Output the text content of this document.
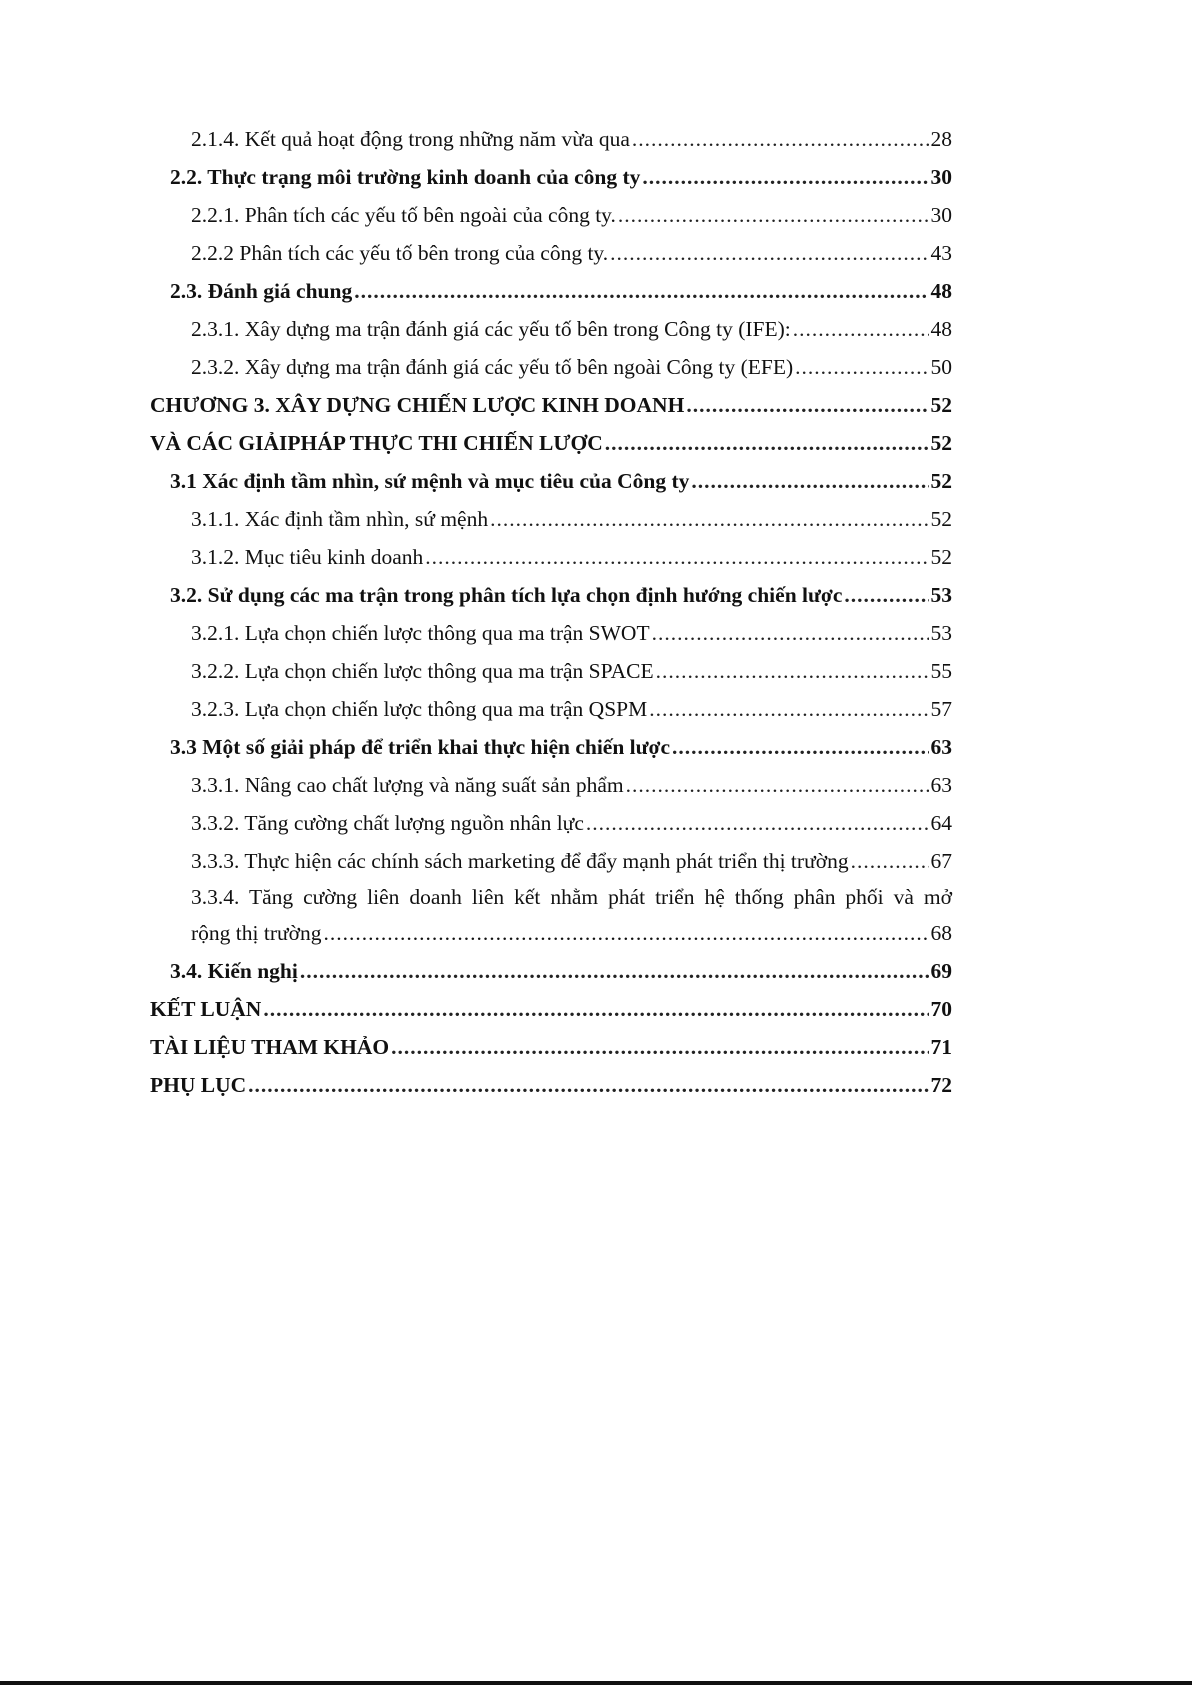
2.1.4. Kết quả hoạt động trong những năm vừa qua .....	28
2.2. Thực trạng môi trường kinh doanh của công ty .....	30
2.2.1. Phân tích các yếu tố bên ngoài của công ty. .....	30
2.2.2 Phân tích các yếu tố bên trong của công ty. .....	43
2.3. Đánh giá chung .....	48
2.3.1. Xây dựng ma trận đánh giá các yếu tố bên trong Công ty (IFE): .....	48
2.3.2. Xây dựng ma trận đánh giá các yếu tố bên ngoài Công ty (EFE) .....	50
CHƯƠNG 3. XÂY DỰNG CHIẾN LƯỢC KINH DOANH .....	52
VÀ CÁC GIẢIPHÁP THỰC THI CHIẾN LƯỢC .....	52
3.1 Xác định tầm nhìn, sứ mệnh và mục tiêu của Công ty .....	52
3.1.1. Xác định tầm nhìn, sứ mệnh .....	52
3.1.2. Mục tiêu kinh doanh .....	52
3.2. Sử dụng các ma trận trong phân tích lựa chọn định hướng chiến lược .....	53
3.2.1. Lựa chọn chiến lược thông qua ma trận SWOT .....	53
3.2.2. Lựa chọn chiến lược thông qua ma trận SPACE .....	55
3.2.3. Lựa chọn chiến lược thông qua ma trận QSPM .....	57
3.3 Một số giải pháp để triển khai thực hiện chiến lược .....	63
3.3.1. Nâng cao chất lượng và năng suất sản phẩm .....	63
3.3.2. Tăng cường chất lượng nguồn nhân lực .....	64
3.3.3. Thực hiện các chính sách marketing để đẩy mạnh phát triển thị trường .....	67
3.3.4. Tăng cường liên doanh liên kết nhằm phát triển hệ thống phân phối và mở
rộng thị trường .....	68
3.4. Kiến nghị .....	69
KẾT LUẬN .....	70
TÀI LIỆU THAM KHẢO .....	71
PHỤ LỤC .....	72
